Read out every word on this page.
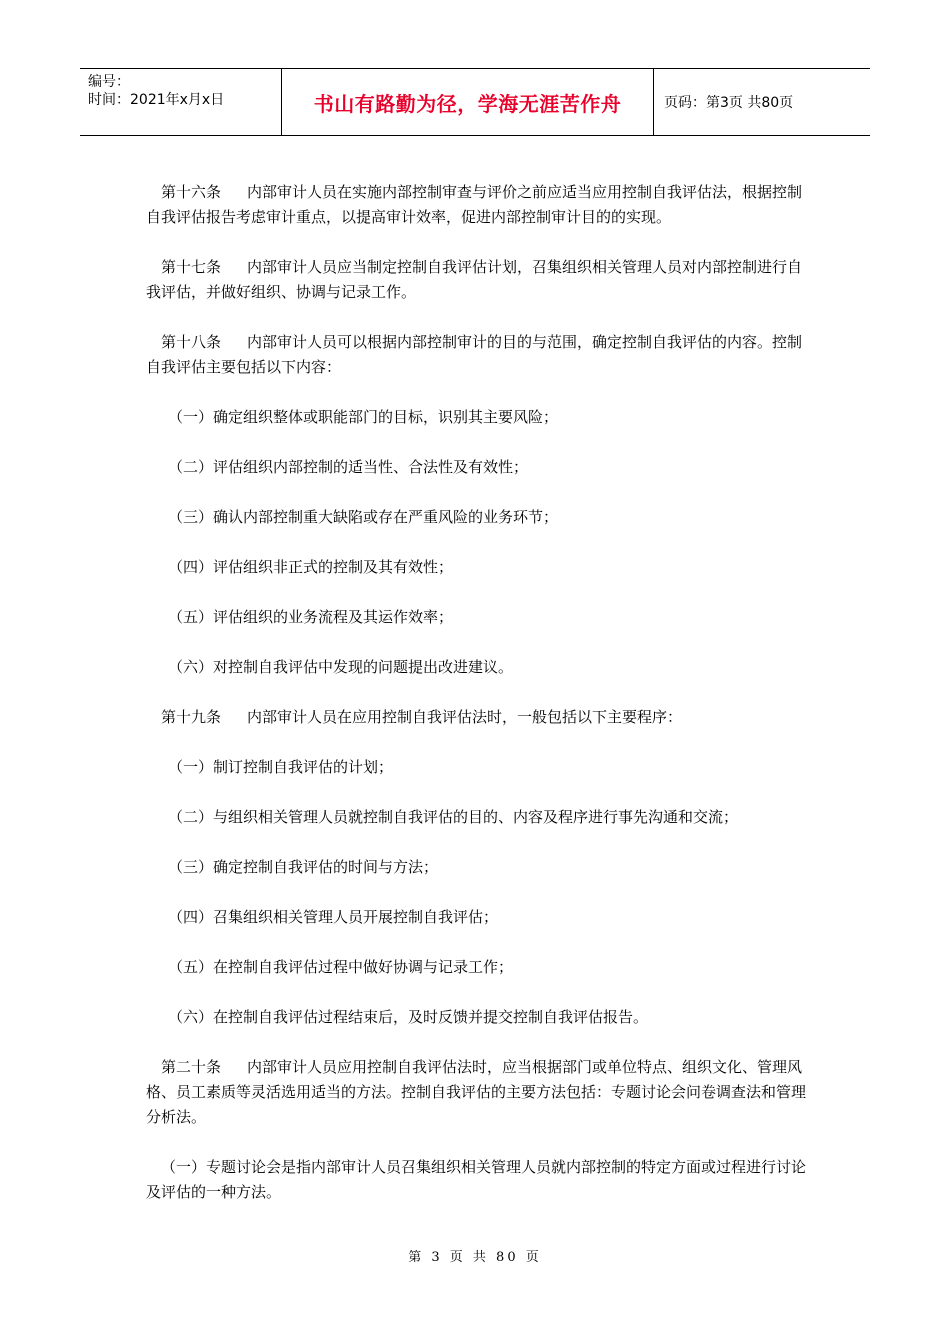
编号：
时间：2021年x月x日	书山有路勤为径，学海无涯苦作舟	页码：第3页 共80页

第十六条 内部审计人员在实施内部控制审查与评价之前应适当应用控制自我评估法，根据控制自我评估报告考虑审计重点，以提高审计效率，促进内部控制审计目的的实现。

第十七条 内部审计人员应当制定控制自我评估计划，召集组织相关管理人员对内部控制进行自我评估，并做好组织、协调与记录工作。

第十八条 内部审计人员可以根据内部控制审计的目的与范围，确定控制自我评估的内容。控制自我评估主要包括以下内容：

（一）确定组织整体或职能部门的目标，识别其主要风险；

（二）评估组织内部控制的适当性、合法性及有效性；

（三）确认内部控制重大缺陷或存在严重风险的业务环节；

（四）评估组织非正式的控制及其有效性；

（五）评估组织的业务流程及其运作效率；

（六）对控制自我评估中发现的问题提出改进建议。

第十九条 内部审计人员在应用控制自我评估法时，一般包括以下主要程序：

（一）制订控制自我评估的计划；

（二）与组织相关管理人员就控制自我评估的目的、内容及程序进行事先沟通和交流；

（三）确定控制自我评估的时间与方法；

（四）召集组织相关管理人员开展控制自我评估；

（五）在控制自我评估过程中做好协调与记录工作；

（六）在控制自我评估过程结束后，及时反馈并提交控制自我评估报告。

第二十条 内部审计人员应用控制自我评估法时，应当根据部门或单位特点、组织文化、管理风格、员工素质等灵活选用适当的方法。控制自我评估的主要方法包括：专题讨论会问卷调查法和管理分析法。

（一）专题讨论会是指内部审计人员召集组织相关管理人员就内部控制的特定方面或过程进行讨论及评估的一种方法。

第 3 页 共 80 页
